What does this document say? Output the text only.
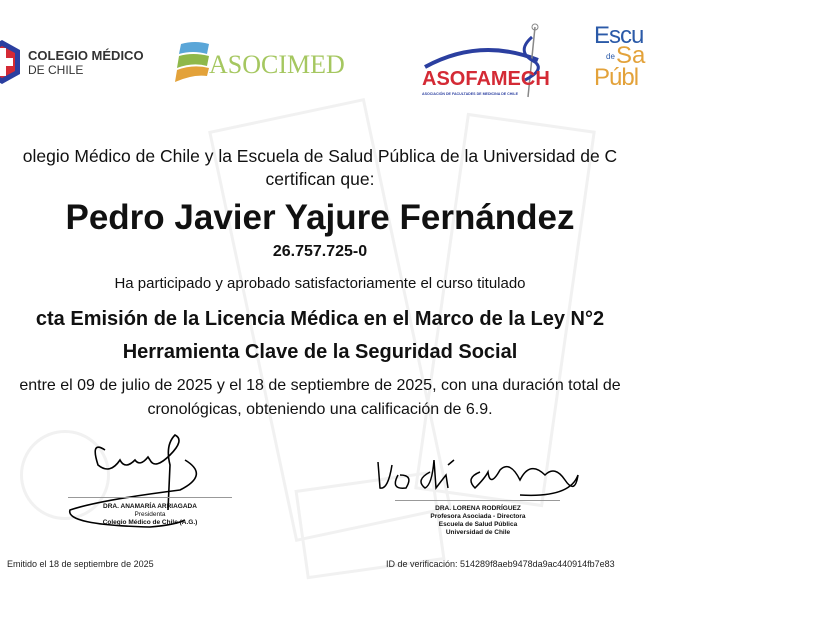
COLEGIO MÉDICO
DE CHILE	ASOCIMED	ASOFAMECH
ASOCIACIÓN DE FACULTADES DE MEDICINA DE CHILE
Escu
de Sa
Públ
olegio Médico de Chile y la Escuela de Salud Pública de la Universidad de C
certifican que:
Pedro Javier Yajure Fernández
26.757.725-0
Ha participado y aprobado satisfactoriamente el curso titulado
cta Emisión de la Licencia Médica en el Marco de la Ley N°2
Herramienta Clave de la Seguridad Social
entre el 09 de julio de 2025 y el 18 de septiembre de 2025, con una duración total de
cronológicas, obteniendo una calificación de 6.9.
DRA. ANAMARÍA ARRIAGADA
Presidenta
Colegio Médico de Chile (A.G.)
DRA. LORENA RODRÍGUEZ
Profesora Asociada - Directora
Escuela de Salud Pública
Universidad de Chile
Emitido el 18 de septiembre de 2025	ID de verificación: 514289f8aeb9478da9ac440914fb7e83
